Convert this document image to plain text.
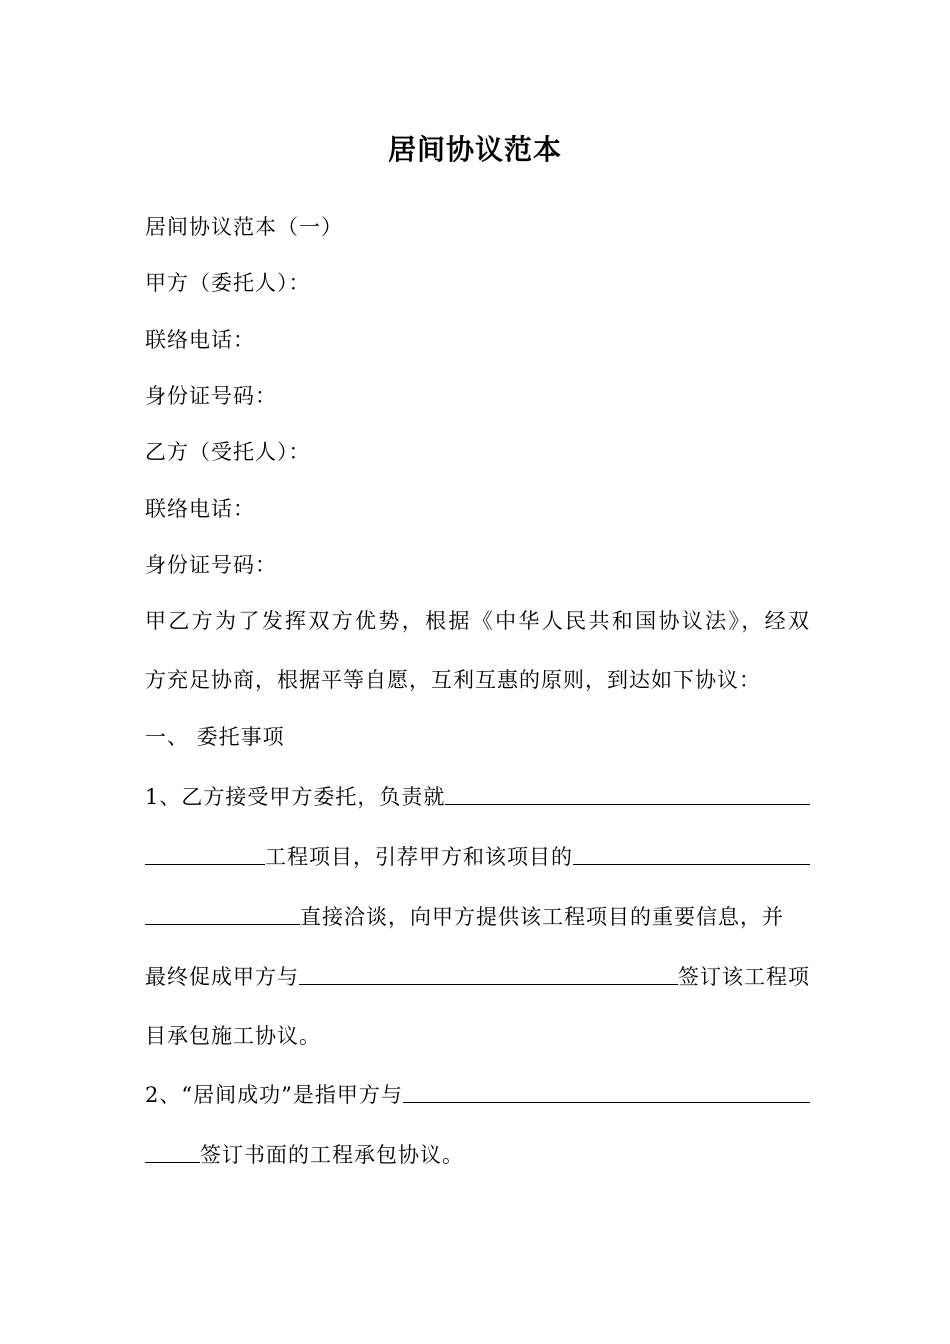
居间协议范本
居间协议范本（一）
甲方（委托人）：
联络电话：
身份证号码：
乙方（受托人）：
联络电话：
身份证号码：
甲乙方为了发挥双方优势，根据《中华人民共和国协议法》，经双
方充足协商，根据平等自愿，互利互惠的原则，到达如下协议：
一、 委托事项
1、乙方接受甲方委托，负责就
工程项目，引荐甲方和该项目的
直接洽谈，向甲方提供该工程项目的重要信息，并
最终促成甲方与	签订该工程项
目承包施工协议。
2、“居间成功”是指甲方与
签订书面的工程承包协议。
